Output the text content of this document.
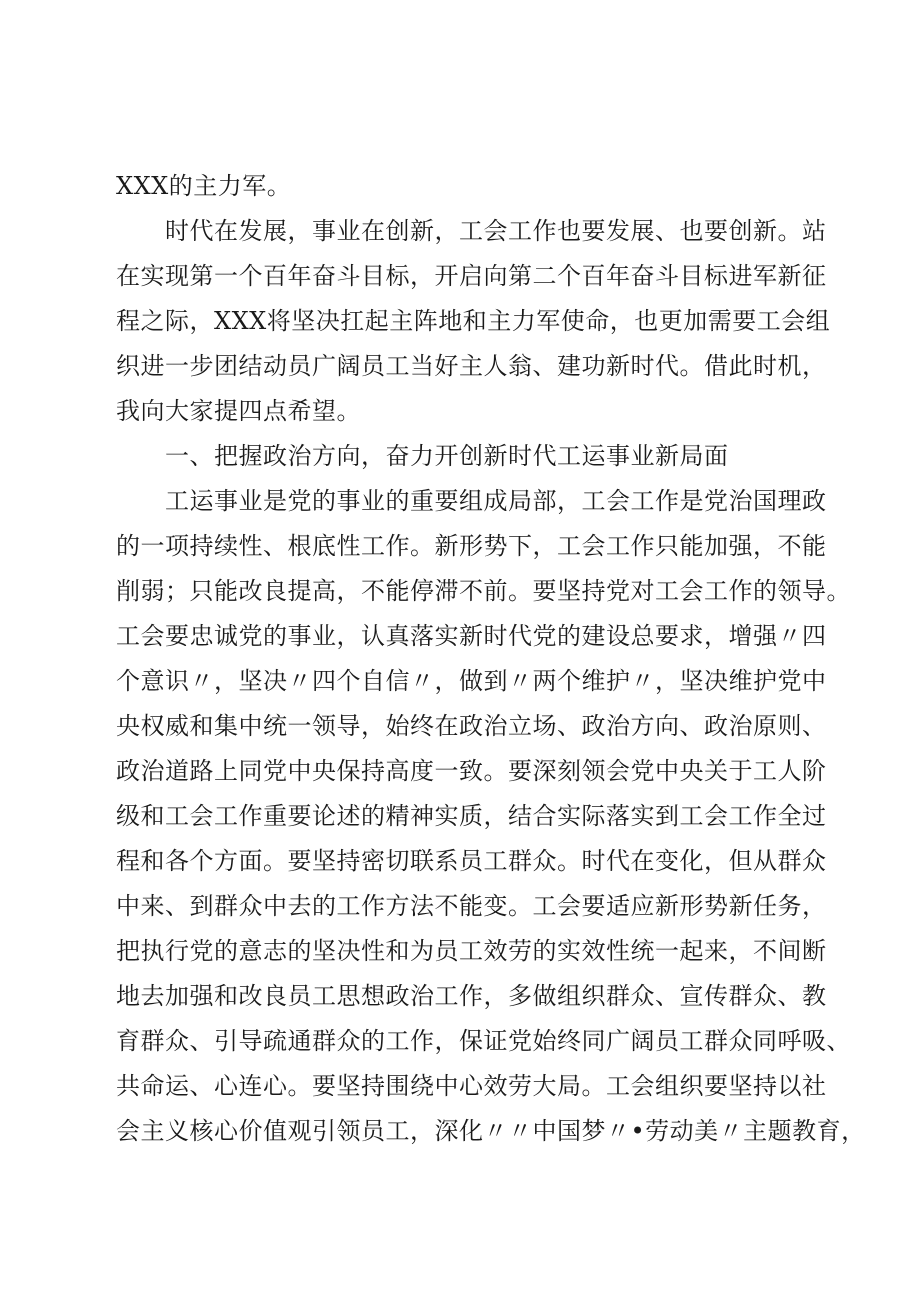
XXX的主力军。
时代在发展，事业在创新，工会工作也要发展、也要创新。站
在实现第一个百年奋斗目标，开启向第二个百年奋斗目标进军新征
程之际，XXX将坚决扛起主阵地和主力军使命，也更加需要工会组
织进一步团结动员广阔员工当好主人翁、建功新时代。借此时机，
我向大家提四点希望。
一、把握政治方向，奋力开创新时代工运事业新局面
工运事业是党的事业的重要组成局部，工会工作是党治国理政
的一项持续性、根底性工作。新形势下，工会工作只能加强，不能
削弱；只能改良提高，不能停滞不前。要坚持党对工会工作的领导。
工会要忠诚党的事业，认真落实新时代党的建设总要求，增强〃四
个意识〃，坚决〃四个自信〃，做到〃两个维护〃，坚决维护党中
央权威和集中统一领导，始终在政治立场、政治方向、政治原则、
政治道路上同党中央保持高度一致。要深刻领会党中央关于工人阶
级和工会工作重要论述的精神实质，结合实际落实到工会工作全过
程和各个方面。要坚持密切联系员工群众。时代在变化，但从群众
中来、到群众中去的工作方法不能变。工会要适应新形势新任务，
把执行党的意志的坚决性和为员工效劳的实效性统一起来，不间断
地去加强和改良员工思想政治工作，多做组织群众、宣传群众、教
育群众、引导疏通群众的工作，保证党始终同广阔员工群众同呼吸、
共命运、心连心。要坚持围绕中心效劳大局。工会组织要坚持以社
会主义核心价值观引领员工，深化〃〃中国梦〃•劳动美〃主题教育，
